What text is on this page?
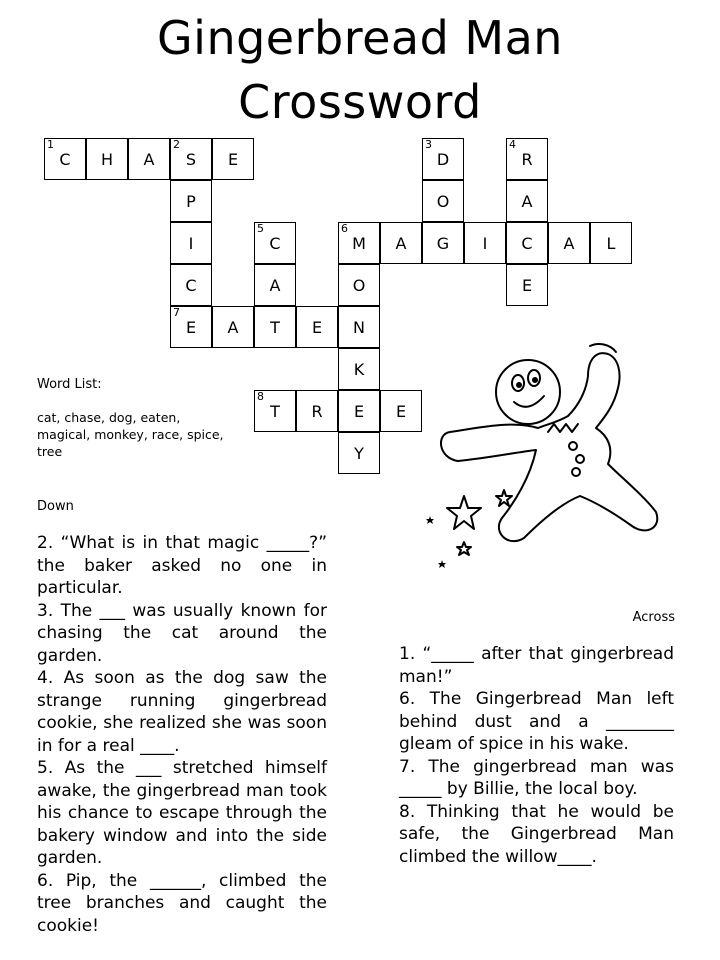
Gingerbread Man
Crossword
1
C H A
2
S E
P
I
C
7
E A
5
C
A
T E
6
M
O
N
K
E
Y
A
3
D
O
G I
4
R
A
C
E
A L
8
T R	E
Word List:
cat, chase, dog, eaten, magical, monkey, race, spice, tree
Down

2. “What is in that magic _____?” the baker asked no one in particular.

3. The ___ was usually known for chasing the cat around the garden.

4. As soon as the dog saw the strange running gingerbread cookie, she realized she was soon in for a real ____.

5. As the ___ stretched himself awake, the gingerbread man took his chance to escape through the bakery window and into the side garden.

6. Pip, the ______, climbed the tree branches and caught the cookie!

Across

1. “_____ after that gingerbread man!”

6. The Gingerbread Man left behind dust and a ________ gleam of spice in his wake.

7. The gingerbread man was _____ by Billie, the local boy.

8. Thinking that he would be safe, the Gingerbread Man climbed the willow____.
